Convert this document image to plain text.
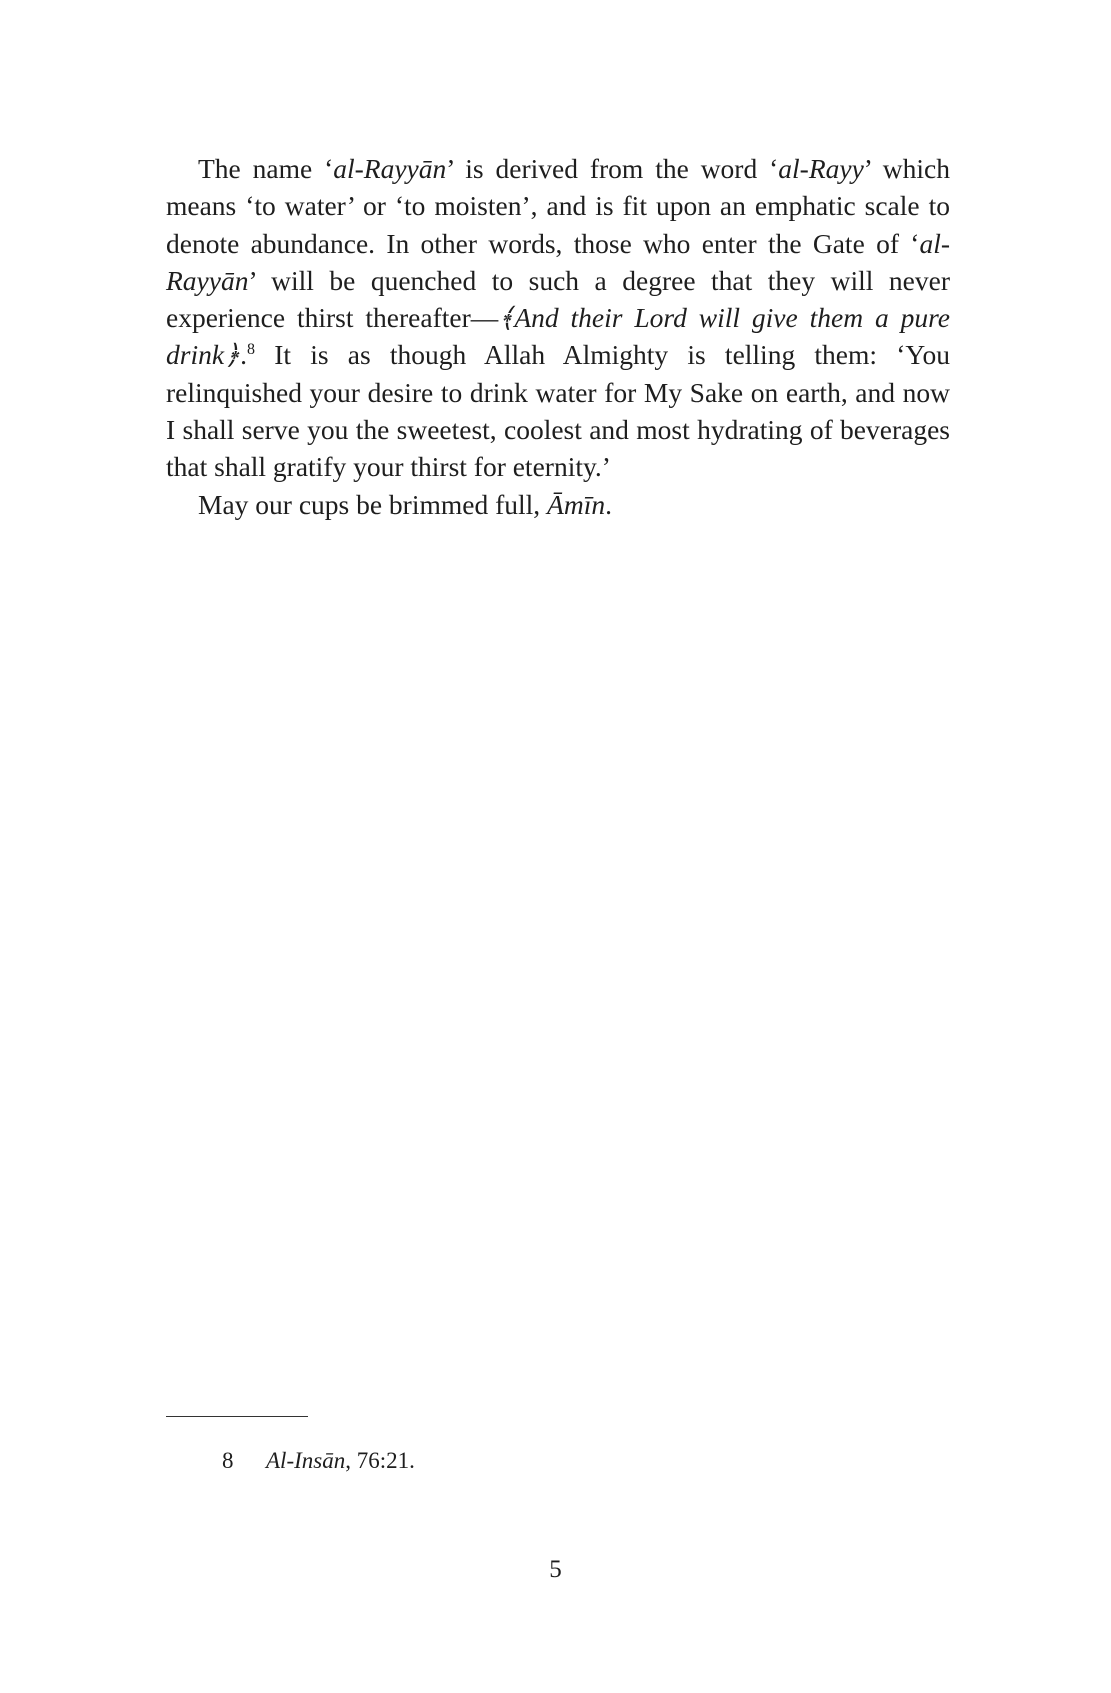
The name ‘al-Rayyān’ is derived from the word ‘al-Rayy’ which means ‘to water’ or ‘to moisten’, and is fit upon an emphatic scale to denote abundance. In other words, those who enter the Gate of ‘al-Rayyān’ will be quenched to such a degree that they will never experience thirst thereafter—﴾And their Lord will give them a pure drink﴿.$^8$ It is as though Allah Almighty is telling them: ‘You relinquished your desire to drink water for My Sake on earth, and now I shall serve you the sweetest, coolest and most hydrating of beverages that shall gratify your thirst for eternity.’

May our cups be brimmed full, Āmīn.

8 Al-Insān, 76:21.
5
